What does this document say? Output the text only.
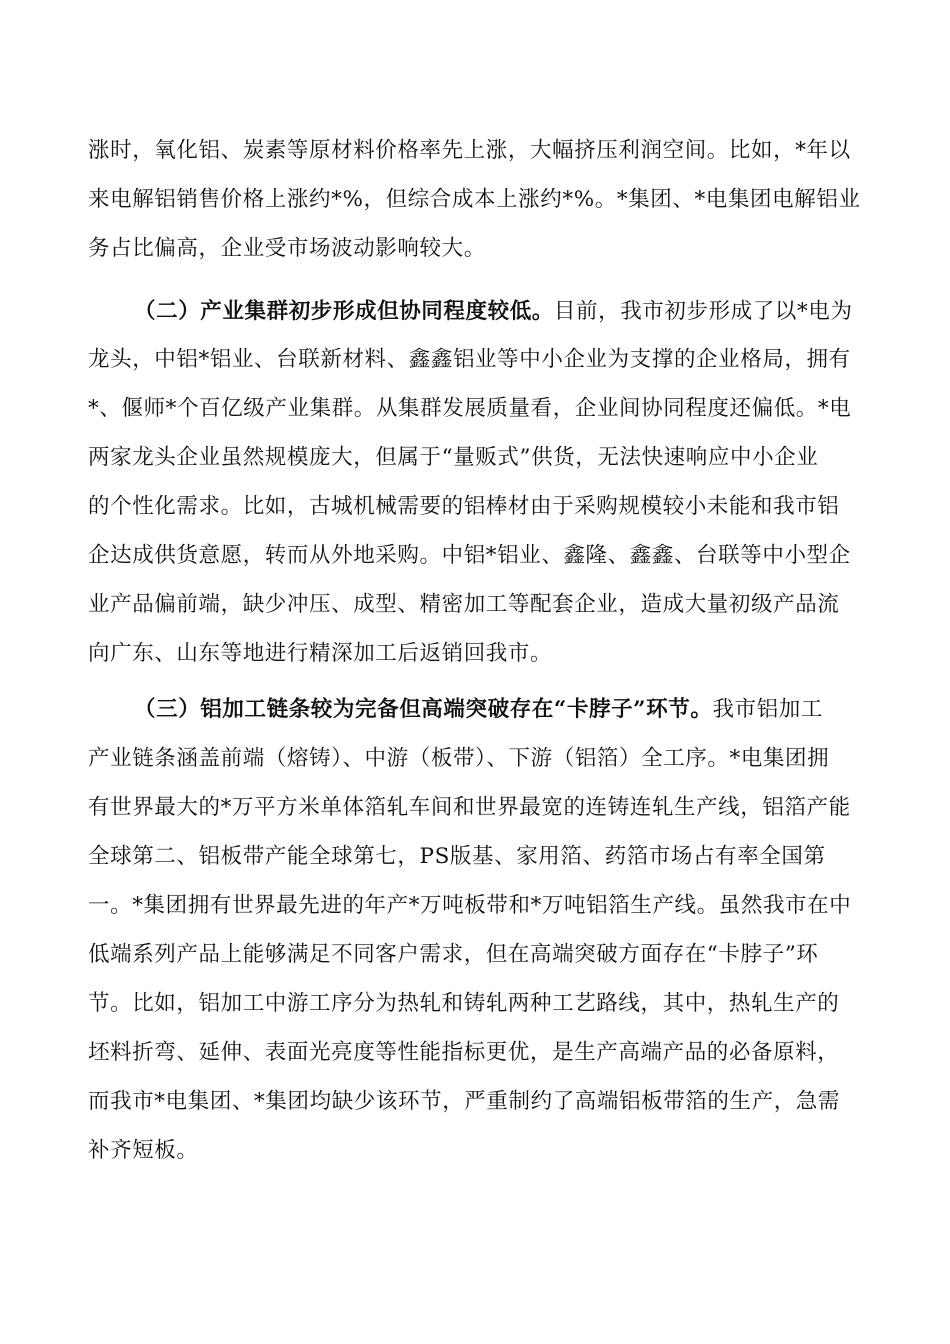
涨时，氧化铝、炭素等原材料价格率先上涨，大幅挤压利润空间。比如，*年以
来电解铝销售价格上涨约*%，但综合成本上涨约*%。*集团、*电集团电解铝业
务占比偏高，企业受市场波动影响较大。
（二）产业集群初步形成但协同程度较低。目前，我市初步形成了以*电为
龙头，中铝*铝业、台联新材料、鑫鑫铝业等中小企业为支撑的企业格局，拥有
*、偃师*个百亿级产业集群。从集群发展质量看，企业间协同程度还偏低。*电
两家龙头企业虽然规模庞大，但属于“量贩式”供货，无法快速响应中小企业
的个性化需求。比如，古城机械需要的铝棒材由于采购规模较小未能和我市铝
企达成供货意愿，转而从外地采购。中铝*铝业、鑫隆、鑫鑫、台联等中小型企
业产品偏前端，缺少冲压、成型、精密加工等配套企业，造成大量初级产品流
向广东、山东等地进行精深加工后返销回我市。
（三）铝加工链条较为完备但高端突破存在“卡脖子”环节。我市铝加工
产业链条涵盖前端（熔铸）、中游（板带）、下游（铝箔）全工序。*电集团拥
有世界最大的*万平方米单体箔轧车间和世界最宽的连铸连轧生产线，铝箔产能
全球第二、铝板带产能全球第七，PS版基、家用箔、药箔市场占有率全国第
一。*集团拥有世界最先进的年产*万吨板带和*万吨铝箔生产线。虽然我市在中
低端系列产品上能够满足不同客户需求，但在高端突破方面存在“卡脖子”环
节。比如，铝加工中游工序分为热轧和铸轧两种工艺路线，其中，热轧生产的
坯料折弯、延伸、表面光亮度等性能指标更优，是生产高端产品的必备原料，
而我市*电集团、*集团均缺少该环节，严重制约了高端铝板带箔的生产，急需
补齐短板。
